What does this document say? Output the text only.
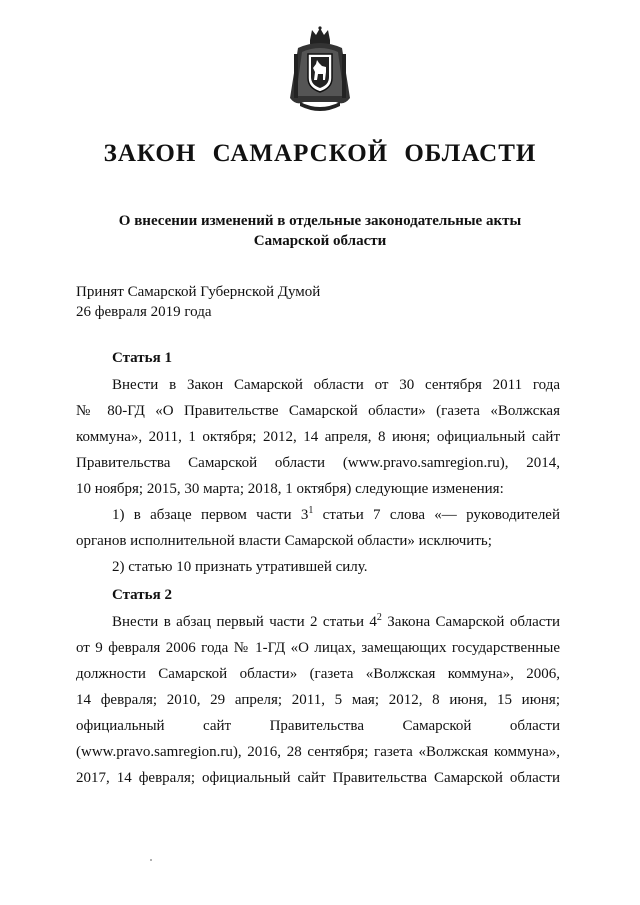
ЗАКОН САМАРСКОЙ ОБЛАСТИ
О внесении изменений в отдельные законодательные акты
Самарской области
Принят Самарской Губернской Думой
26 февраля 2019 года
Статья 1
Внести в Закон Самарской области от 30 сентября 2011 года
№ 80-ГД «О Правительстве Самарской области» (газета «Волжская
коммуна», 2011, 1 октября; 2012, 14 апреля, 8 июня; официальный сайт
Правительства Самарской области (www.pravo.samregion.ru), 2014,
10 ноября; 2015, 30 марта; 2018, 1 октября) следующие изменения:
1) в абзаце первом части $3^1$ статьи 7 слова «— руководителей
органов исполнительной власти Самарской области» исключить;
2) статью 10 признать утратившей силу.
Статья 2
Внести в абзац первый части 2 статьи $4^2$ Закона Самарской области
от 9 февраля 2006 года № 1-ГД «О лицах, замещающих государственные
должности Самарской области» (газета «Волжская коммуна», 2006,
14 февраля; 2010, 29 апреля; 2011, 5 мая; 2012, 8 июня, 15 июня;
официальный сайт Правительства Самарской области
(www.pravo.samregion.ru), 2016, 28 сентября; газета «Волжская коммуна»,
2017, 14 февраля; официальный сайт Правительства Самарской области
